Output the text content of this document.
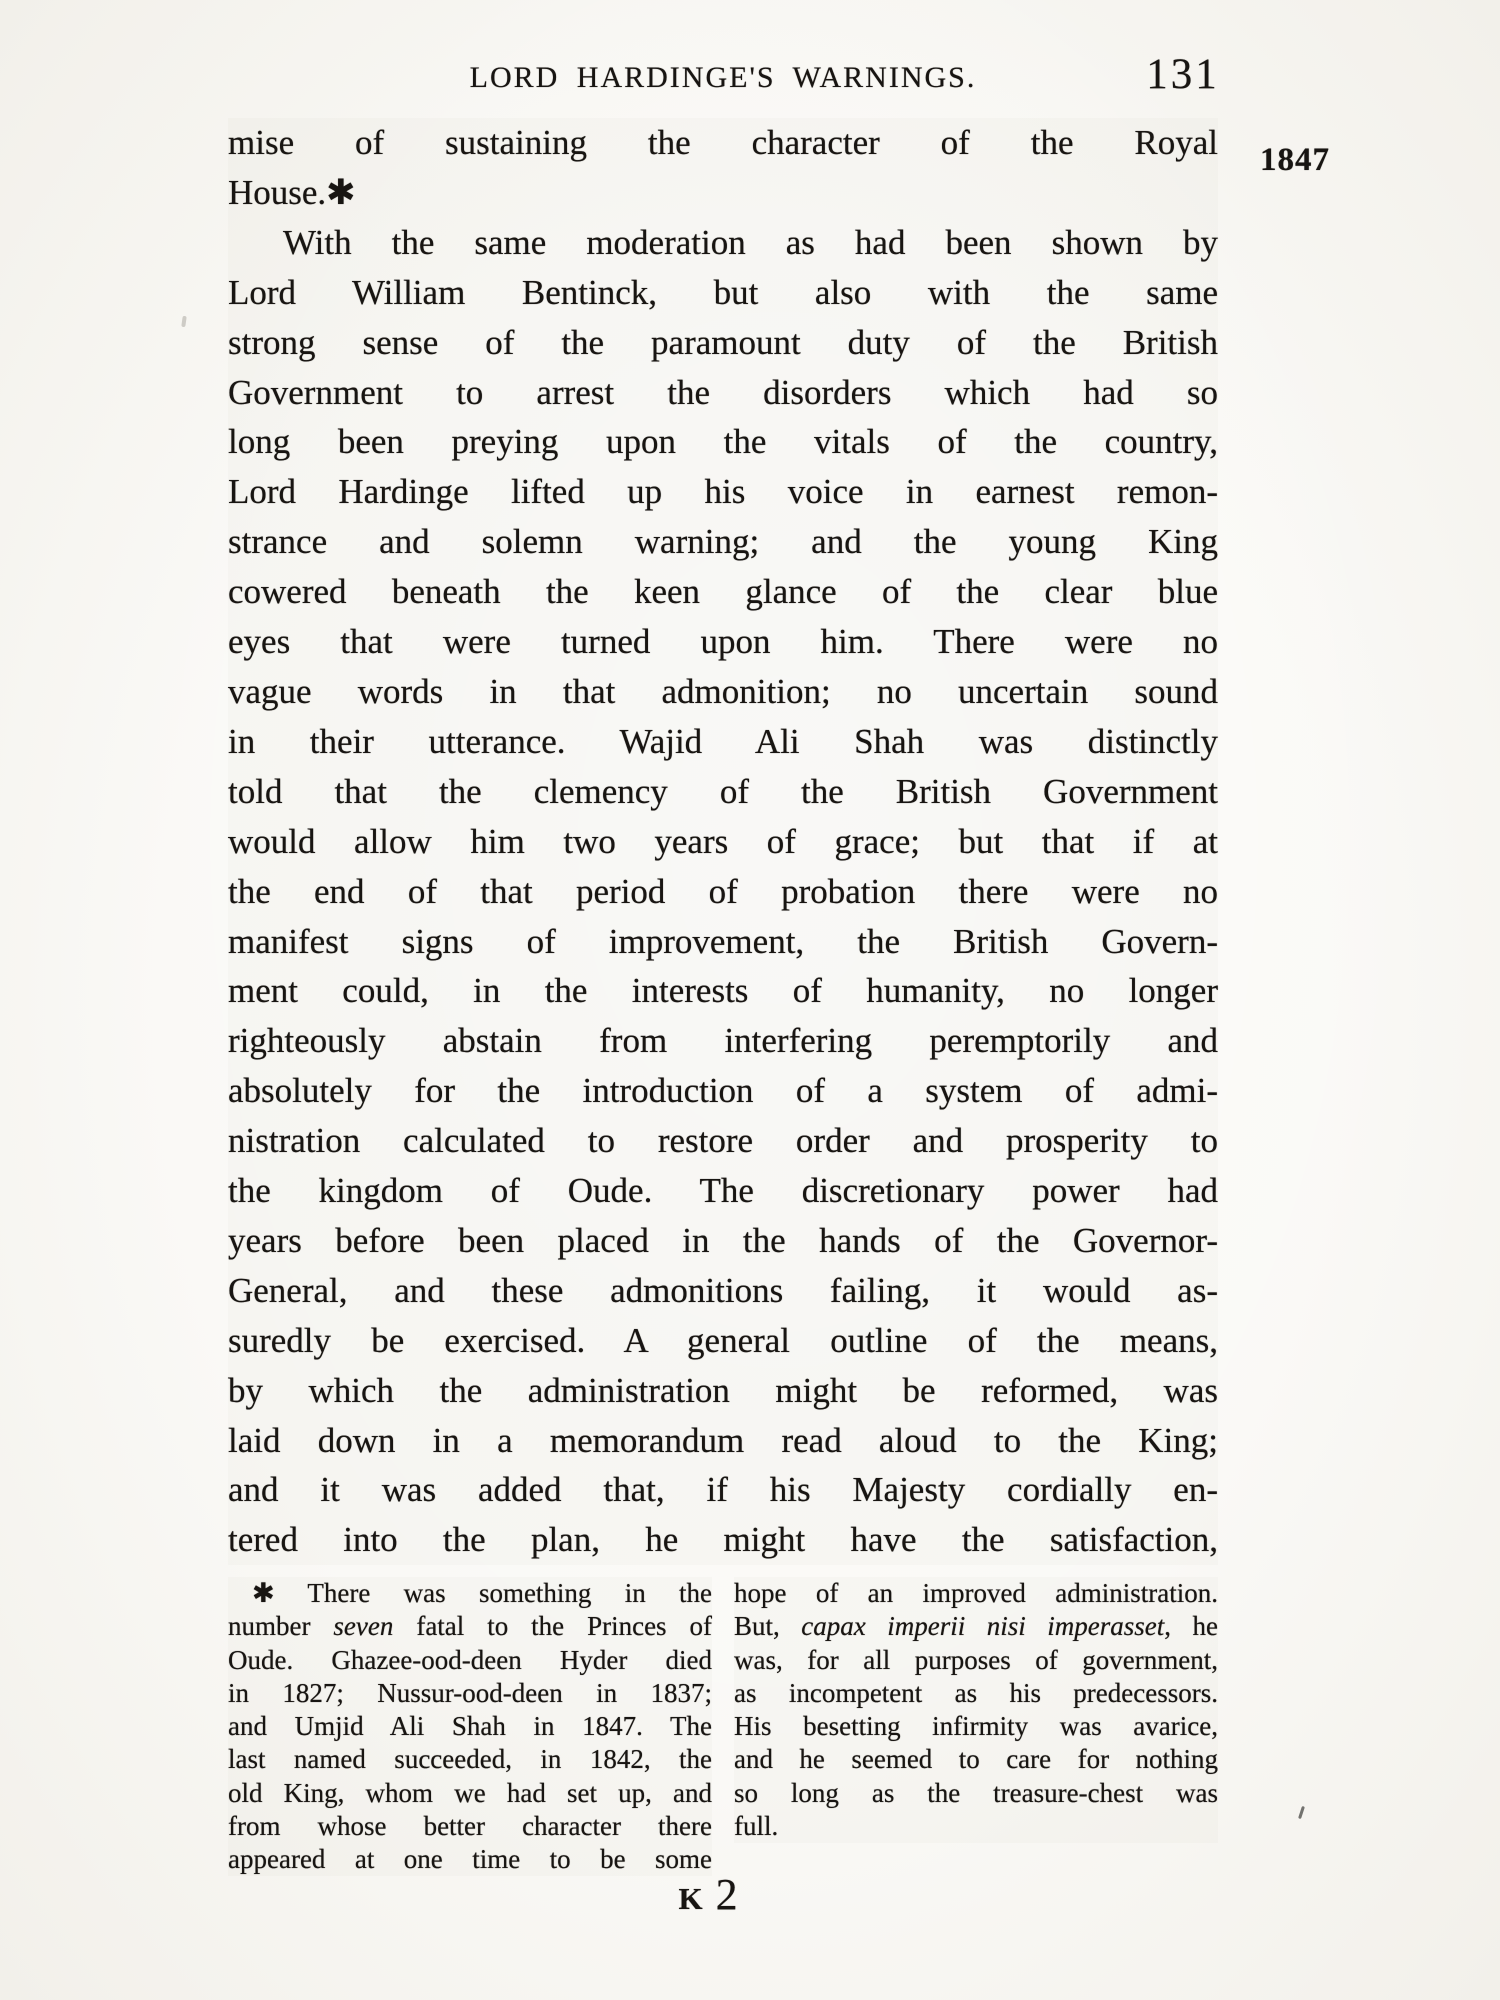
LORD HARDINGE'S WARNINGS.	131
1847
mise of sustaining the character of the Royal
House.✱
With the same moderation as had been shown by
Lord William Bentinck, but also with the same
strong sense of the paramount duty of the British
Government to arrest the disorders which had so
long been preying upon the vitals of the country,
Lord Hardinge lifted up his voice in earnest remon-
strance and solemn warning; and the young King
cowered beneath the keen glance of the clear blue
eyes that were turned upon him. There were no
vague words in that admonition; no uncertain sound
in their utterance. Wajid Ali Shah was distinctly
told that the clemency of the British Government
would allow him two years of grace; but that if at
the end of that period of probation there were no
manifest signs of improvement, the British Govern-
ment could, in the interests of humanity, no longer
righteously abstain from interfering peremptorily and
absolutely for the introduction of a system of admi-
nistration calculated to restore order and prosperity to
the kingdom of Oude. The discretionary power had
years before been placed in the hands of the Governor-
General, and these admonitions failing, it would as-
suredly be exercised. A general outline of the means,
by which the administration might be reformed, was
laid down in a memorandum read aloud to the King;
and it was added that, if his Majesty cordially en-
tered into the plan, he might have the satisfaction,
✱ There was something in the
number seven fatal to the Princes of
Oude. Ghazee-ood-deen Hyder died
in 1827; Nussur-ood-deen in 1837;
and Umjid Ali Shah in 1847. The
last named succeeded, in 1842, the
old King, whom we had set up, and
from whose better character there
appeared at one time to be some
hope of an improved administration.
But, capax imperii nisi imperasset, he
was, for all purposes of government,
as incompetent as his predecessors.
His besetting infirmity was avarice,
and he seemed to care for nothing
so long as the treasure-chest was
full.
K 2
